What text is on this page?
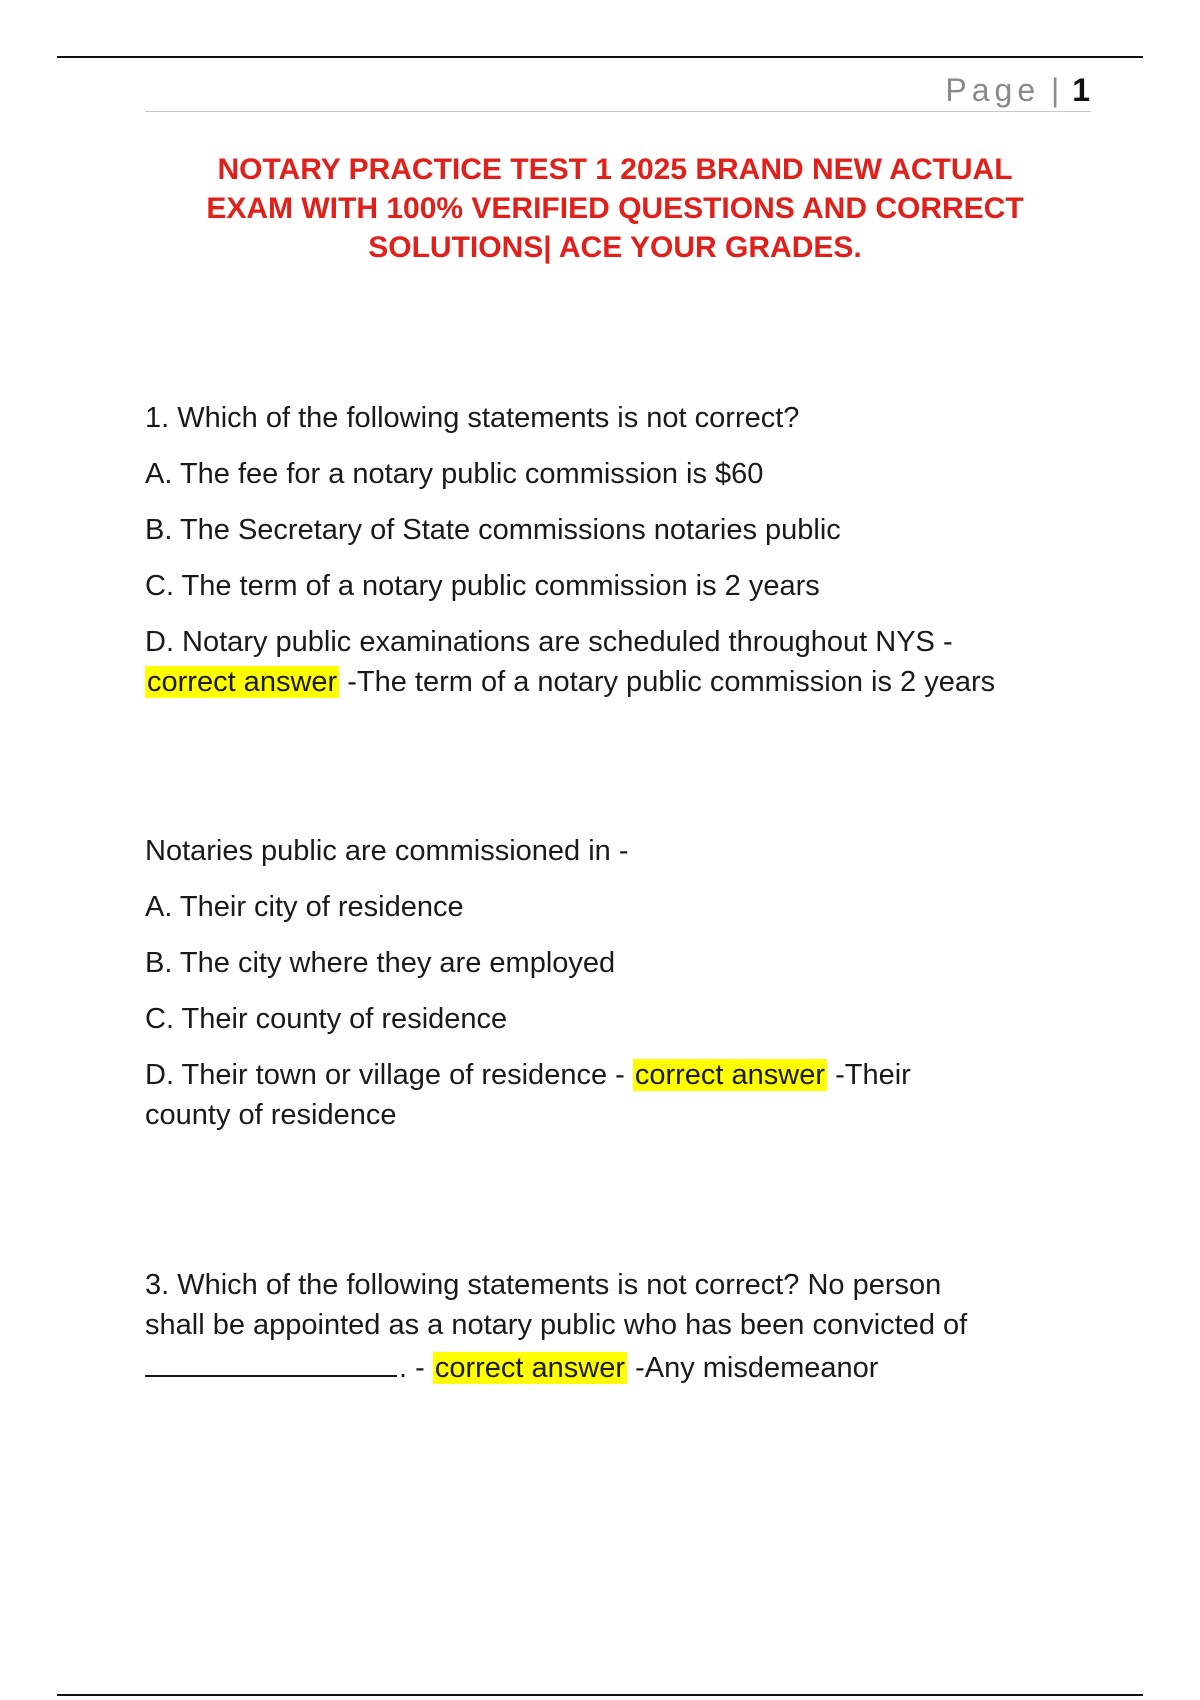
Page | 1
NOTARY PRACTICE TEST 1 2025 BRAND NEW ACTUAL
EXAM WITH 100% VERIFIED QUESTIONS AND CORRECT
SOLUTIONS| ACE YOUR GRADES.

1. Which of the following statements is not correct?

A. The fee for a notary public commission is $60

B. The Secretary of State commissions notaries public

C. The term of a notary public commission is 2 years

D. Notary public examinations are scheduled throughout NYS -

correct answer -The term of a notary public commission is 2 years

Notaries public are commissioned in -

A. Their city of residence

B. The city where they are employed

C. Their county of residence

D. Their town or village of residence - correct answer -Their

county of residence

3. Which of the following statements is not correct? No person

shall be appointed as a notary public who has been convicted of

. - correct answer -Any misdemeanor
